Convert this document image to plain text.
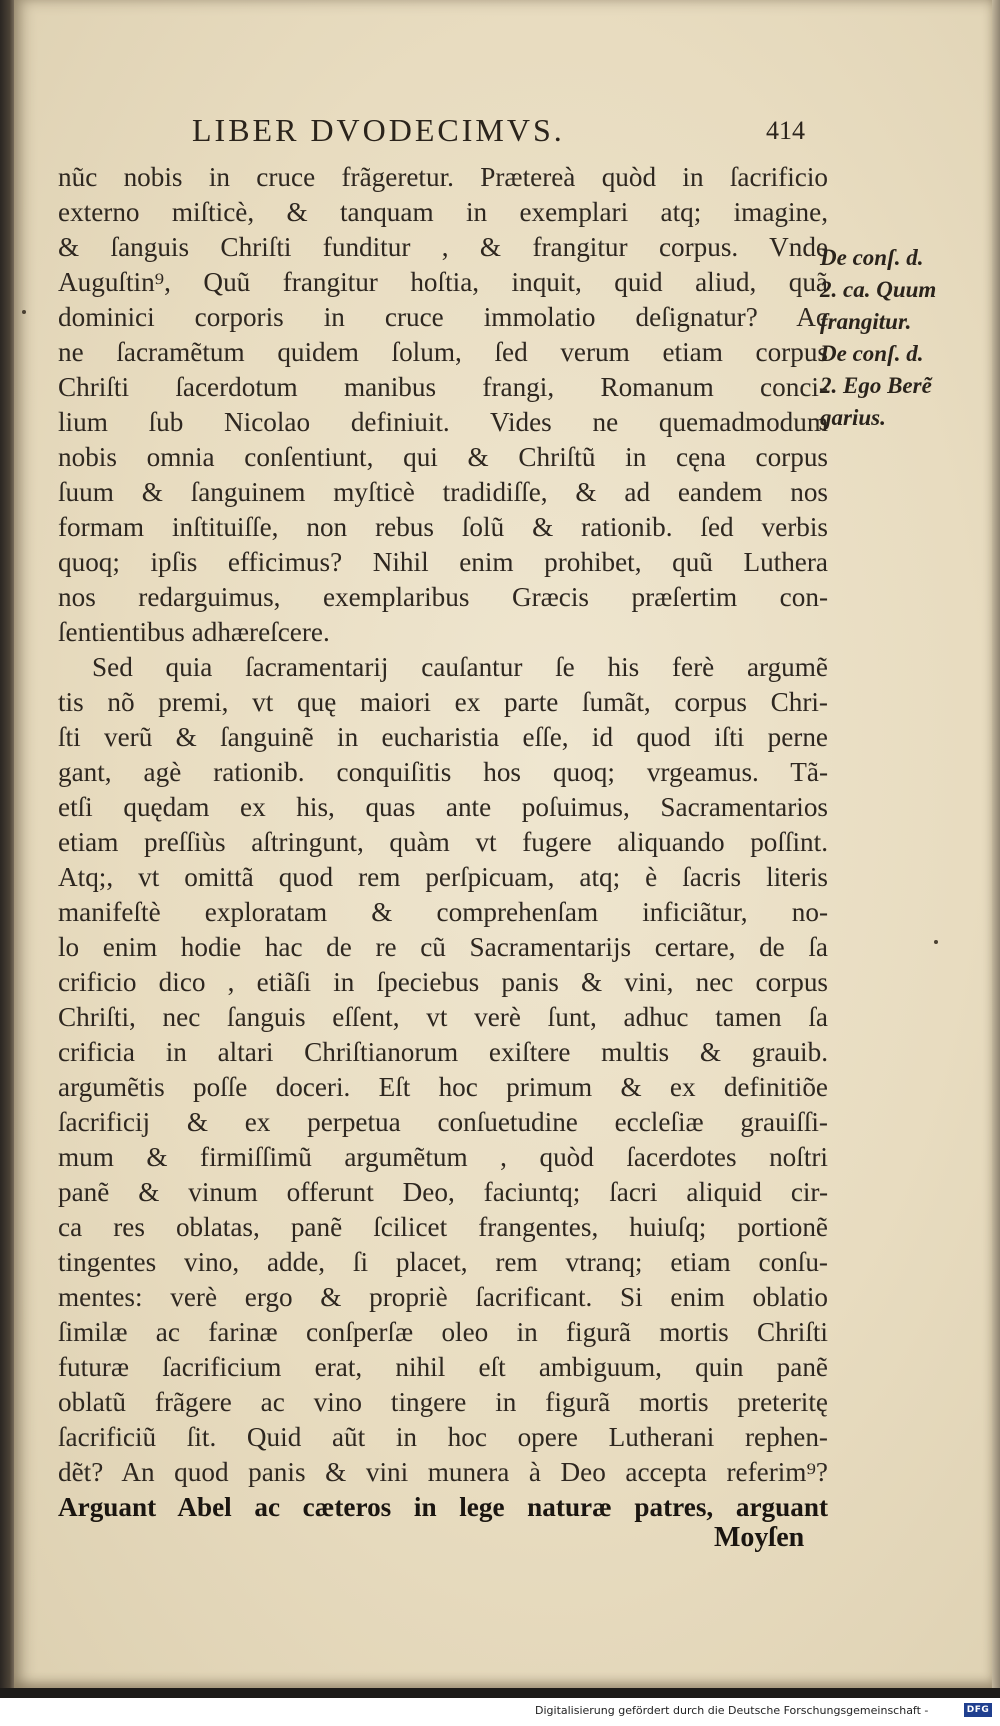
LIBER DVODECIMVS.	414
nũc nobis in cruce frãgeretur. Prætereà quòd in ſacrificio
externo miſticè, & tanquam in exemplari atq; imagine,
& ſanguis Chriſti funditur , & frangitur corpus. Vnde
Auguſtin⁹, Quũ frangitur hoſtia, inquit, quid aliud, quã
dominici corporis in cruce immolatio deſignatur? Ac
ne ſacramẽtum quidem ſolum, ſed verum etiam corpus
Chriſti ſacerdotum manibus frangi, Romanum conci-
lium ſub Nicolao definiuit. Vides ne quemadmodum
nobis omnia conſentiunt, qui & Chriſtũ in cęna corpus
ſuum & ſanguinem myſticè tradidiſſe, & ad eandem nos
formam inſtituiſſe, non rebus ſolũ & rationib. ſed verbis
quoq; ipſis efficimus? Nihil enim prohibet, quũ Luthera
nos redarguimus, exemplaribus Græcis præſertim con-
ſentientibus adhæreſcere.
Sed quia ſacramentarij cauſantur ſe his ferè argumẽ
tis nõ premi, vt quę maiori ex parte ſumãt, corpus Chri-
ſti verũ & ſanguinẽ in eucharistia eſſe, id quod iſti perne
gant, agè rationib. conquiſitis hos quoq; vrgeamus. Tã-
etſi quędam ex his, quas ante poſuimus, Sacramentarios
etiam preſſiùs aſtringunt, quàm vt fugere aliquando poſſint.
Atq;, vt omittã quod rem perſpicuam, atq; è ſacris literis
manifeſtè exploratam & comprehenſam inficiãtur, no-
lo enim hodie hac de re cũ Sacramentarijs certare, de ſa
crificio dico , etiãſi in ſpeciebus panis & vini, nec corpus
Chriſti, nec ſanguis eſſent, vt verè ſunt, adhuc tamen ſa
crificia in altari Chriſtianorum exiſtere multis & grauib.
argumẽtis poſſe doceri. Eſt hoc primum & ex definitiõe
ſacrificij & ex perpetua conſuetudine eccleſiæ grauiſſi-
mum & firmiſſimũ argumẽtum , quòd ſacerdotes noſtri
panẽ & vinum offerunt Deo, faciuntq; ſacri aliquid cir-
ca res oblatas, panẽ ſcilicet frangentes, huiuſq; portionẽ
tingentes vino, adde, ſi placet, rem vtranq; etiam conſu-
mentes: verè ergo & propriè ſacrificant. Si enim oblatio
ſimilæ ac farinæ conſperſæ oleo in figurã mortis Chriſti
futuræ ſacrificium erat, nihil eſt ambiguum, quin panẽ
oblatũ frãgere ac vino tingere in figurã mortis preteritę
ſacrificiũ ſit. Quid aũt in hoc opere Lutherani rephen-
dẽt? An quod panis & vini munera à Deo accepta referim⁹?
Arguant Abel ac cæteros in lege naturæ patres, arguant
Moyſen
De conſ. d.
2. ca. Quum
frangitur.
De conſ. d.
2. Ego Berẽ
garius.
Digitalisierung gefördert durch die Deutsche Forschungsgemeinschaft -	DFG
